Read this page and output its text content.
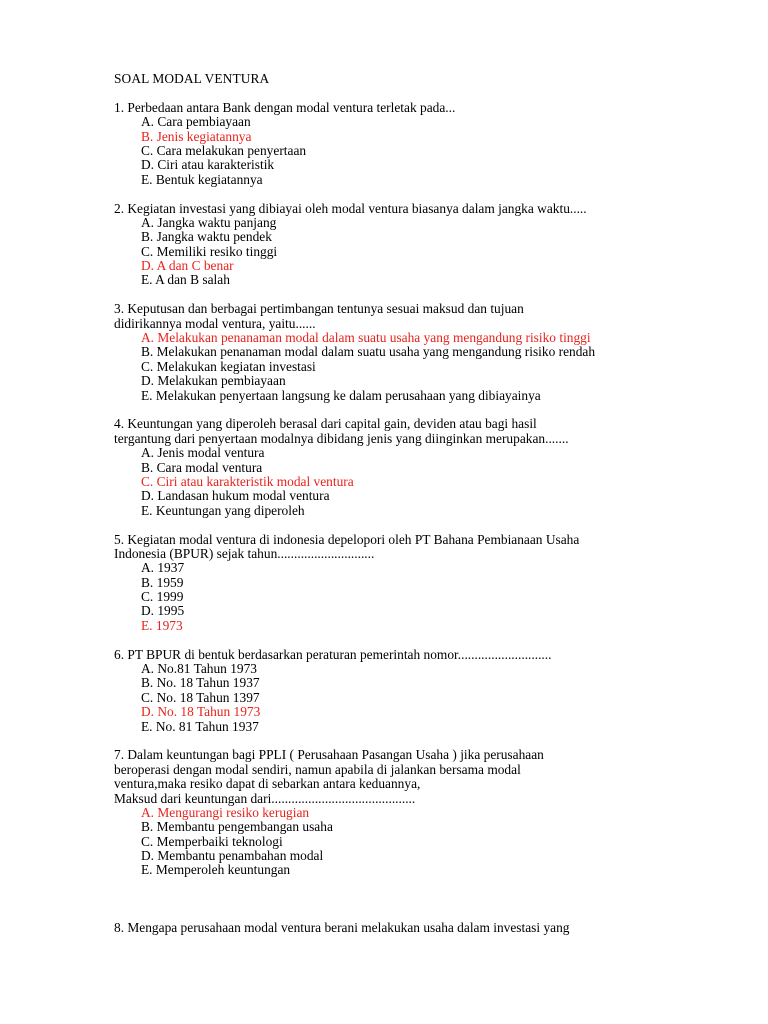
SOAL MODAL VENTURA
1. Perbedaan antara Bank dengan modal ventura terletak pada...
A. Cara pembiayaan
B. Jenis kegiatannya
C. Cara melakukan penyertaan
D. Ciri atau karakteristik
E. Bentuk kegiatannya
2. Kegiatan investasi yang dibiayai oleh modal ventura biasanya dalam jangka waktu.....
A. Jangka waktu panjang
B. Jangka waktu pendek
C. Memiliki resiko tinggi
D. A dan C benar
E. A dan B salah
3. Keputusan dan berbagai pertimbangan tentunya sesuai maksud dan tujuan
didirikannya modal ventura, yaitu......
A. Melakukan penanaman modal dalam suatu usaha yang mengandung risiko tinggi
B. Melakukan penanaman modal dalam suatu usaha yang mengandung risiko rendah
C. Melakukan kegiatan investasi
D. Melakukan pembiayaan
E. Melakukan penyertaan langsung ke dalam perusahaan yang dibiayainya
4. Keuntungan yang diperoleh berasal dari capital gain, deviden atau bagi hasil
tergantung dari penyertaan modalnya dibidang jenis yang diinginkan merupakan.......
A. Jenis modal ventura
B. Cara modal ventura
C. Ciri atau karakteristik modal ventura
D. Landasan hukum modal ventura
E. Keuntungan yang diperoleh
5. Kegiatan modal ventura di indonesia depelopori oleh PT Bahana Pembianaan Usaha
Indonesia (BPUR) sejak tahun.............................
A. 1937
B. 1959
C. 1999
D. 1995
E. 1973
6. PT BPUR di bentuk berdasarkan peraturan pemerintah nomor............................
A. No.81 Tahun 1973
B. No. 18 Tahun 1937
C. No. 18 Tahun 1397
D. No. 18 Tahun 1973
E. No. 81 Tahun 1937
7. Dalam keuntungan bagi PPLI ( Perusahaan Pasangan Usaha ) jika perusahaan
beroperasi dengan modal sendiri, namun apabila di jalankan bersama modal
ventura,maka resiko dapat di sebarkan antara keduannya,
Maksud dari keuntungan dari...........................................
A. Mengurangi resiko kerugian
B. Membantu pengembangan usaha
C. Memperbaiki teknologi
D. Membantu penambahan modal
E. Memperoleh keuntungan
8. Mengapa perusahaan modal ventura berani melakukan usaha dalam investasi yang
